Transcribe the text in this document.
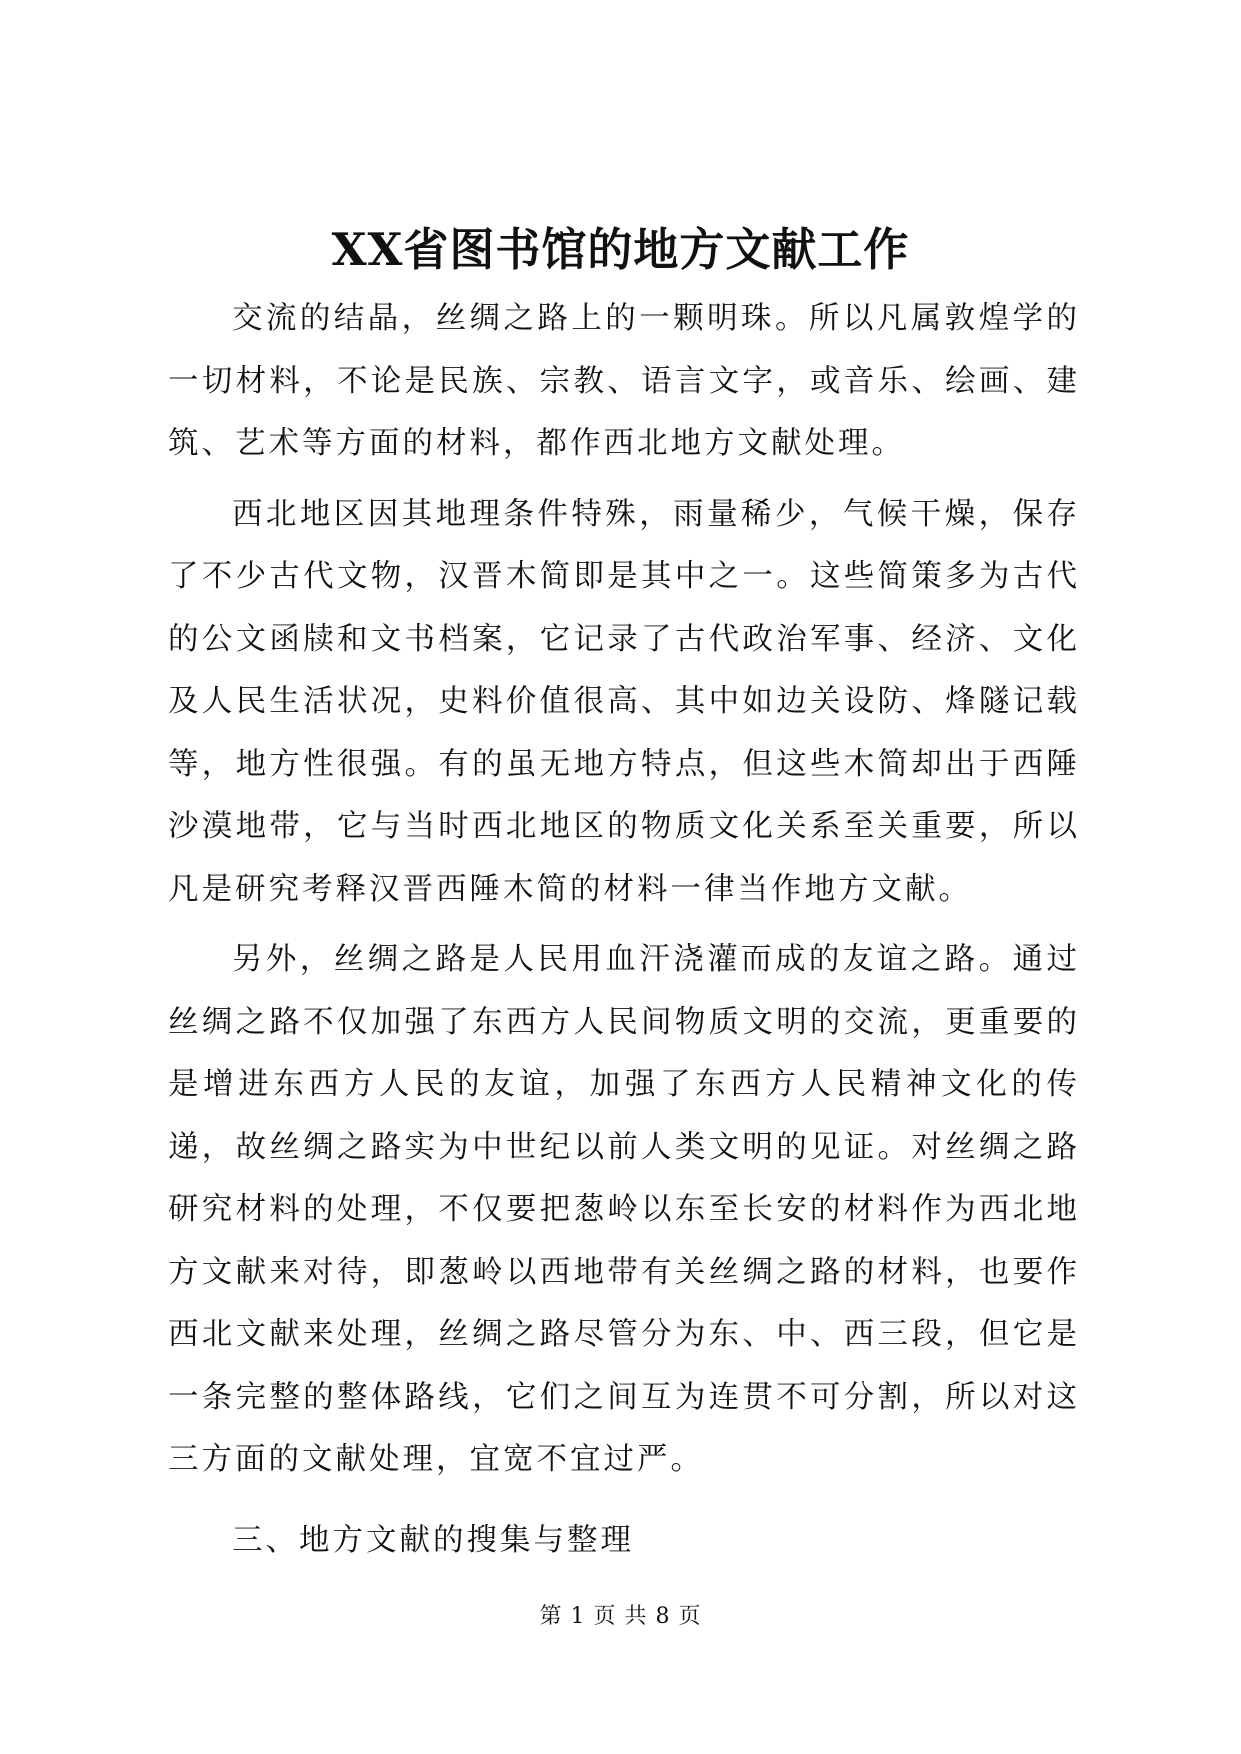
XX省图书馆的地方文献工作

交流的结晶，丝绸之路上的一颗明珠。所以凡属敦煌学的一切材料，不论是民族、宗教、语言文字，或音乐、绘画、建筑、艺术等方面的材料，都作西北地方文献处理。

西北地区因其地理条件特殊，雨量稀少，气候干燥，保存了不少古代文物，汉晋木简即是其中之一。这些简策多为古代的公文函牍和文书档案，它记录了古代政治军事、经济、文化及人民生活状况，史料价值很高、其中如边关设防、烽隧记载等，地方性很强。有的虽无地方特点，但这些木简却出于西陲沙漠地带，它与当时西北地区的物质文化关系至关重要，所以凡是研究考释汉晋西陲木简的材料一律当作地方文献。

另外，丝绸之路是人民用血汗浇灌而成的友谊之路。通过丝绸之路不仅加强了东西方人民间物质文明的交流，更重要的是增进东西方人民的友谊，加强了东西方人民精神文化的传递，故丝绸之路实为中世纪以前人类文明的见证。对丝绸之路研究材料的处理，不仅要把葱岭以东至长安的材料作为西北地方文献来对待，即葱岭以西地带有关丝绸之路的材料，也要作西北文献来处理，丝绸之路尽管分为东、中、西三段，但它是一条完整的整体路线，它们之间互为连贯不可分割，所以对这三方面的文献处理，宜宽不宜过严。

三、地方文献的搜集与整理

第 1 页 共 8 页
